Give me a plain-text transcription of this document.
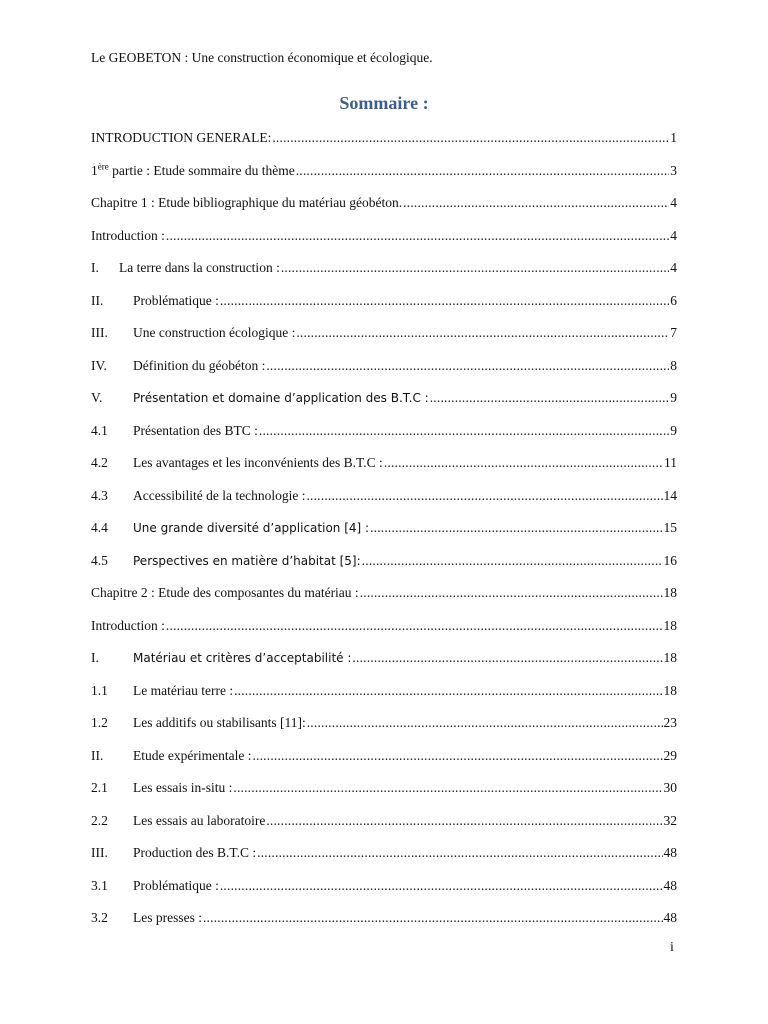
Le GEOBETON : Une construction économique et écologique.
Sommaire :
INTRODUCTION GENERALE: .....	1
1ère partie : Etude sommaire du thème .....	3
Chapitre 1 : Etude bibliographique du matériau géobéton. .....	4
Introduction : .....	4
I.	La terre dans la construction : .....	4
II.	Problématique : .....	6
III.	Une construction écologique : .....	7
IV.	Définition du géobéton : .....	8
V.	Présentation et domaine d’application des B.T.C : .....	9
4.1	Présentation des BTC : .....	9
4.2	Les avantages et les inconvénients des B.T.C : .....	11
4.3	Accessibilité de la technologie : .....	14
4.4	Une grande diversité d’application [4] : .....	15
4.5	Perspectives en matière d’habitat [5]: .....	16
Chapitre 2 : Etude des composantes du matériau : .....	18
Introduction : .....	18
I.	Matériau et critères d’acceptabilité : .....	18
1.1	Le matériau terre : .....	18
1.2	Les additifs ou stabilisants [11]: .....	23
II.	Etude expérimentale : .....	29
2.1	Les essais in-situ : .....	30
2.2	Les essais au laboratoire .....	32
III.	Production des B.T.C : .....	48
3.1	Problématique : .....	48
3.2	Les presses : .....	48
i
